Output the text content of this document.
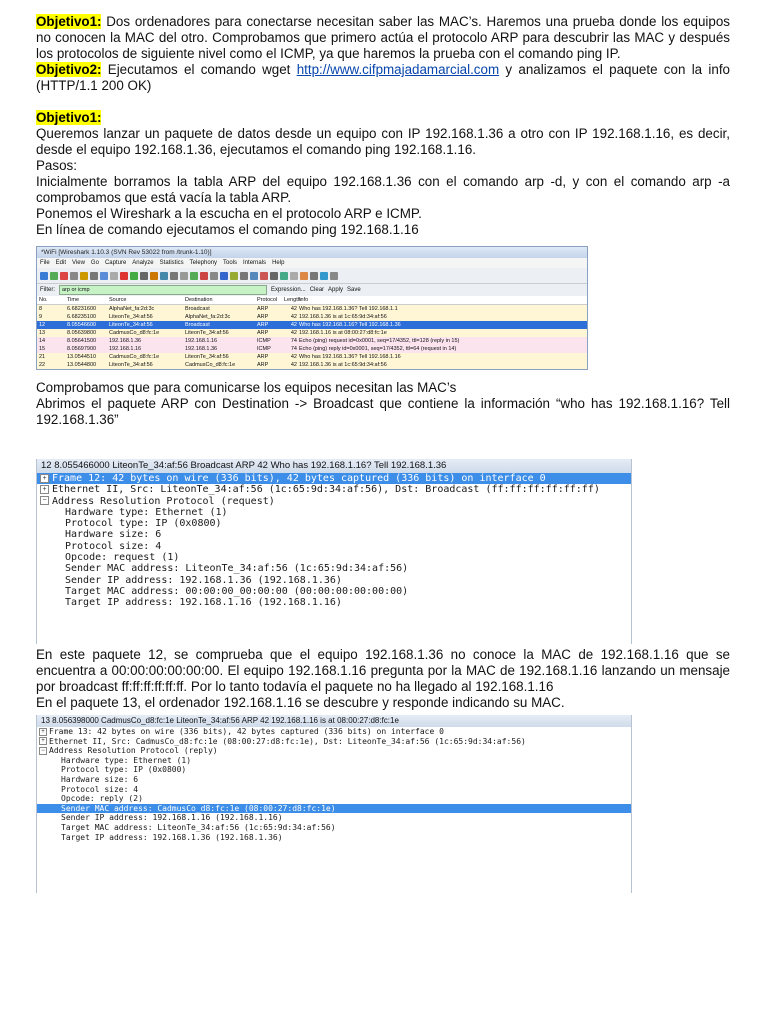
Objetivo1: Dos ordenadores para conectarse necesitan saber las MAC’s. Haremos una prueba donde los equipos no conocen la MAC del otro. Comprobamos que primero actúa el protocolo ARP para descubrir las MAC y después los protocolos de siguiente nivel como el ICMP, ya que haremos la prueba con el comando ping IP.

Objetivo2: Ejecutamos el comando wget http://www.cifpmajadamarcial.com y analizamos el paquete con la info (HTTP/1.1 200 OK)

Objetivo1:

Queremos lanzar un paquete de datos desde un equipo con IP 192.168.1.36 a otro con IP 192.168.1.16, es decir, desde el equipo 192.168.1.36, ejecutamos el comando ping 192.168.1.16.

Pasos:

Inicialmente borramos la tabla ARP del equipo 192.168.1.36 con el comando arp -d, y con el comando arp -a comprobamos que está vacía la tabla ARP.

Ponemos el Wireshark a la escucha en el protocolo ARP e ICMP.

En línea de comando ejecutamos el comando ping 192.168.1.16

*WiFi [Wireshark 1.10.3 (SVN Rev 53022 from /trunk-1.10)]
File Edit View Go Capture Analyze Statistics Telephony Tools Internals Help
Filter:	arp or icmp	Expression... Clear Apply Save
No.	Time	Source	Destination	Protocol	Length
Info
8	6.68231600	AlphaNet_fa:2d:3c	Broadcast	ARP	42 Who has 192.168.1.36? Tell 192.168.1.1
9	6.68235100	LiteonTe_34:af:56	AlphaNet_fa:2d:3c	ARP	42 192.168.1.36 is at 1c:65:9d:34:af:56
12	8.05546600	LiteonTe_34:af:56	Broadcast	ARP	42 Who has 192.168.1.16? Tell 192.168.1.36
13	8.05639800	CadmusCo_d8:fc:1e	LiteonTe_34:af:56	ARP	42 192.168.1.16 is at 08:00:27:d8:fc:1e
14	8.05641500	192.168.1.36	192.168.1.16	ICMP	74 Echo (ping) request id=0x0001, seq=17/4352, ttl=128 (reply in 15)
15	8.05697900	192.168.1.16	192.168.1.36	ICMP	74 Echo (ping) reply id=0x0001, seq=17/4352, ttl=64 (request in 14)
21	13.0544510	CadmusCo_d8:fc:1e	LiteonTe_34:af:56	ARP	42 Who has 192.168.1.36? Tell 192.168.1.16
22	13.0544800	LiteonTe_34:af:56	CadmusCo_d8:fc:1e	ARP	42 192.168.1.36 is at 1c:65:9d:34:af:56

Comprobamos que para comunicarse los equipos necesitan las MAC’s

Abrimos el paquete ARP con Destination -> Broadcast que contiene la información “who has 192.168.1.16? Tell 192.168.1.36”

12 8.055466000 LiteonTe_34:af:56 Broadcast ARP 42 Who has 192.168.1.16? Tell 192.168.1.36
+ Frame 12: 42 bytes on wire (336 bits), 42 bytes captured (336 bits) on interface 0
+ Ethernet II, Src: LiteonTe_34:af:56 (1c:65:9d:34:af:56), Dst: Broadcast (ff:ff:ff:ff:ff:ff)
− Address Resolution Protocol (request)
Hardware type: Ethernet (1)
Protocol type: IP (0x0800)
Hardware size: 6
Protocol size: 4
Opcode: request (1)
Sender MAC address: LiteonTe_34:af:56 (1c:65:9d:34:af:56)
Sender IP address: 192.168.1.36 (192.168.1.36)
Target MAC address: 00:00:00_00:00:00 (00:00:00:00:00:00)
Target IP address: 192.168.1.16 (192.168.1.16)

En este paquete 12, se comprueba que el equipo 192.168.1.36 no conoce la MAC de 192.168.1.16 que se encuentra a 00:00:00:00:00:00. El equipo 192.168.1.16 pregunta por la MAC de 192.168.1.16 lanzando un mensaje por broadcast ff:ff:ff:ff:ff:ff. Por lo tanto todavía el paquete no ha llegado al 192.168.1.16

En el paquete 13, el ordenador 192.168.1.16 se descubre y responde indicando su MAC.

13 8.056398000 CadmusCo_d8:fc:1e LiteonTe_34:af:56 ARP 42 192.168.1.16 is at 08:00:27:d8:fc:1e
+ Frame 13: 42 bytes on wire (336 bits), 42 bytes captured (336 bits) on interface 0
+ Ethernet II, Src: CadmusCo_d8:fc:1e (08:00:27:d8:fc:1e), Dst: LiteonTe_34:af:56 (1c:65:9d:34:af:56)
− Address Resolution Protocol (reply)
Hardware type: Ethernet (1)
Protocol type: IP (0x0800)
Hardware size: 6
Protocol size: 4
Opcode: reply (2)
Sender MAC address: CadmusCo_d8:fc:1e (08:00:27:d8:fc:1e)
Sender IP address: 192.168.1.16 (192.168.1.16)
Target MAC address: LiteonTe_34:af:56 (1c:65:9d:34:af:56)
Target IP address: 192.168.1.36 (192.168.1.36)
